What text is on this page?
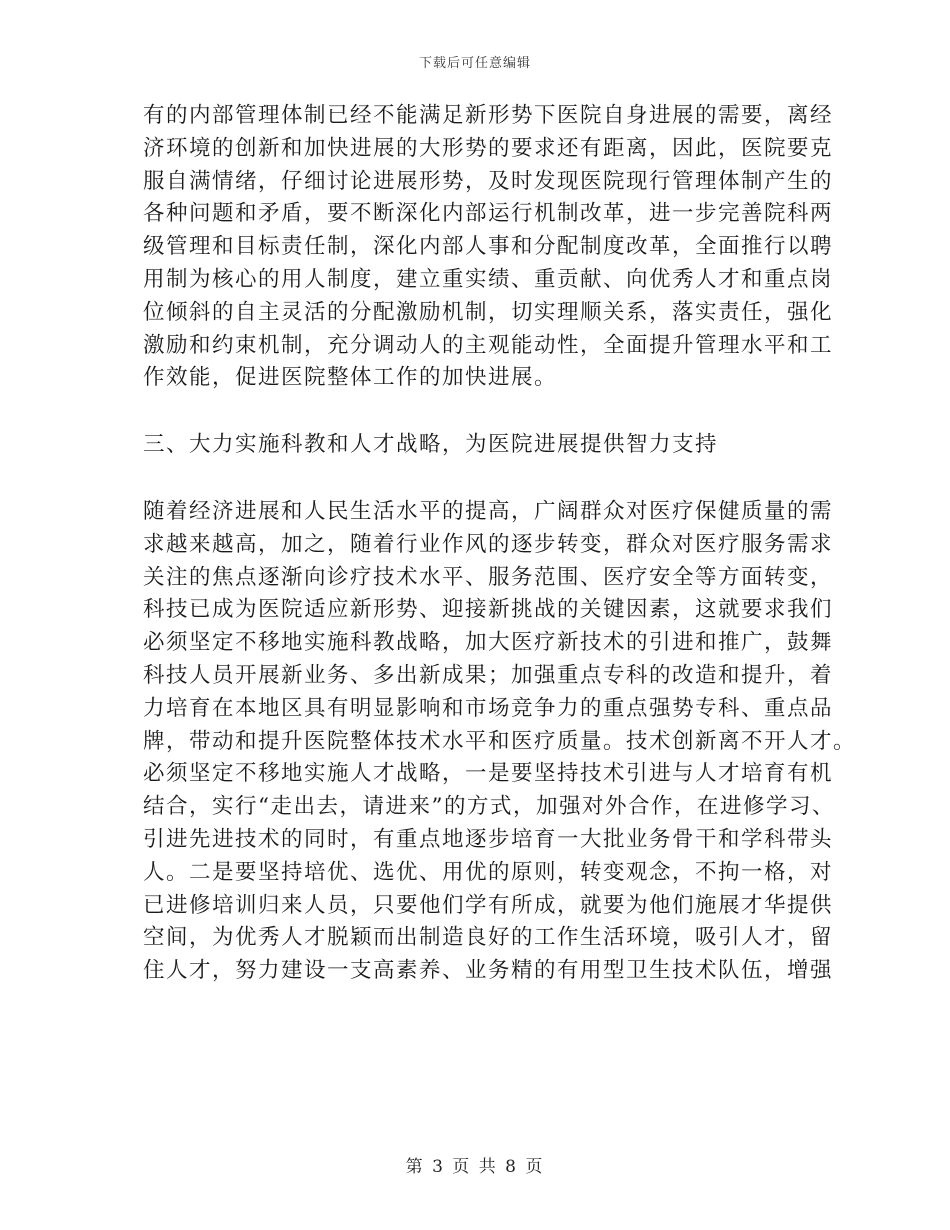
下载后可任意编辑
有的内部管理体制已经不能满足新形势下医院自身进展的需要，离经
济环境的创新和加快进展的大形势的要求还有距离，因此，医院要克
服自满情绪，仔细讨论进展形势，及时发现医院现行管理体制产生的
各种问题和矛盾，要不断深化内部运行机制改革，进一步完善院科两
级管理和目标责任制，深化内部人事和分配制度改革，全面推行以聘
用制为核心的用人制度，建立重实绩、重贡献、向优秀人才和重点岗
位倾斜的自主灵活的分配激励机制，切实理顺关系，落实责任，强化
激励和约束机制，充分调动人的主观能动性，全面提升管理水平和工
作效能，促进医院整体工作的加快进展。
三、大力实施科教和人才战略，为医院进展提供智力支持
随着经济进展和人民生活水平的提高，广阔群众对医疗保健质量的需
求越来越高，加之，随着行业作风的逐步转变，群众对医疗服务需求
关注的焦点逐渐向诊疗技术水平、服务范围、医疗安全等方面转变，
科技已成为医院适应新形势、迎接新挑战的关键因素，这就要求我们
必须坚定不移地实施科教战略，加大医疗新技术的引进和推广，鼓舞
科技人员开展新业务、多出新成果；加强重点专科的改造和提升，着
力培育在本地区具有明显影响和市场竞争力的重点强势专科、重点品
牌，带动和提升医院整体技术水平和医疗质量。技术创新离不开人才。
必须坚定不移地实施人才战略，一是要坚持技术引进与人才培育有机
结合，实行“走出去，请进来”的方式，加强对外合作，在进修学习、
引进先进技术的同时，有重点地逐步培育一大批业务骨干和学科带头
人。二是要坚持培优、选优、用优的原则，转变观念，不拘一格，对
已进修培训归来人员，只要他们学有所成，就要为他们施展才华提供
空间，为优秀人才脱颖而出制造良好的工作生活环境，吸引人才，留
住人才，努力建设一支高素养、业务精的有用型卫生技术队伍，增强
第 3 页 共 8 页
